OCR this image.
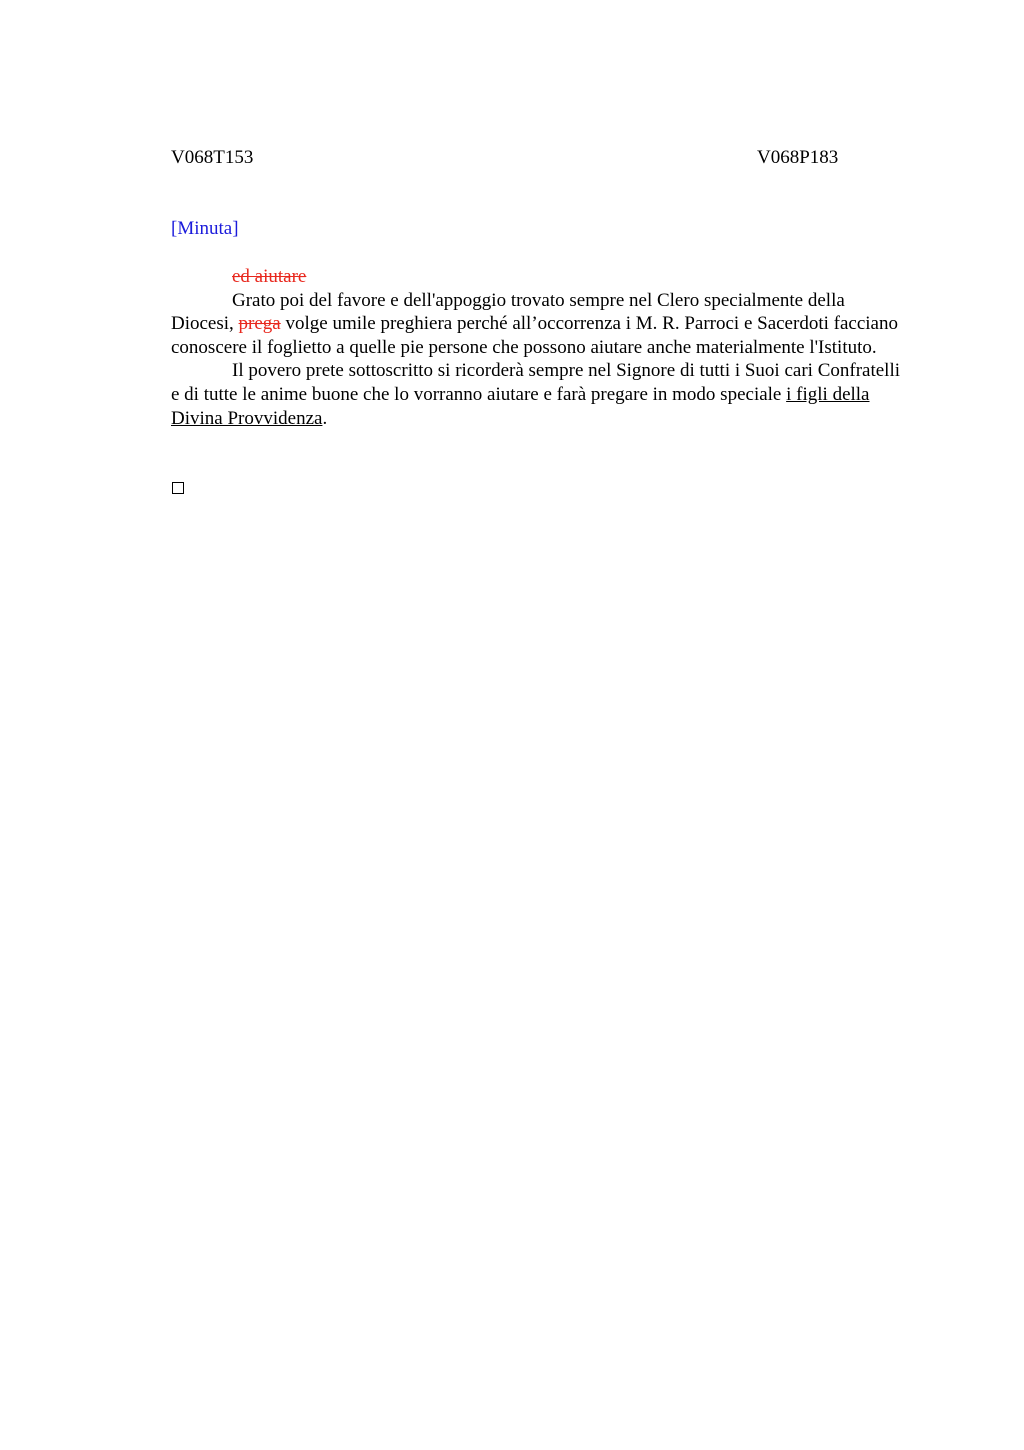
V068T153	V068P183
[Minuta]

ed aiutare

Grato poi del favore e dell'appoggio trovato sempre nel Clero specialmente della Diocesi, prega volge umile preghiera perché all’occorrenza i M. R. Parroci e Sacerdoti facciano conoscere il foglietto a quelle pie persone che possono aiutare anche materialmente l'Istituto.

Il povero prete sottoscritto si ricorderà sempre nel Signore di tutti i Suoi cari Confratelli e di tutte le anime buone che lo vorranno aiutare e farà pregare in modo speciale i figli della Divina Provvidenza.
